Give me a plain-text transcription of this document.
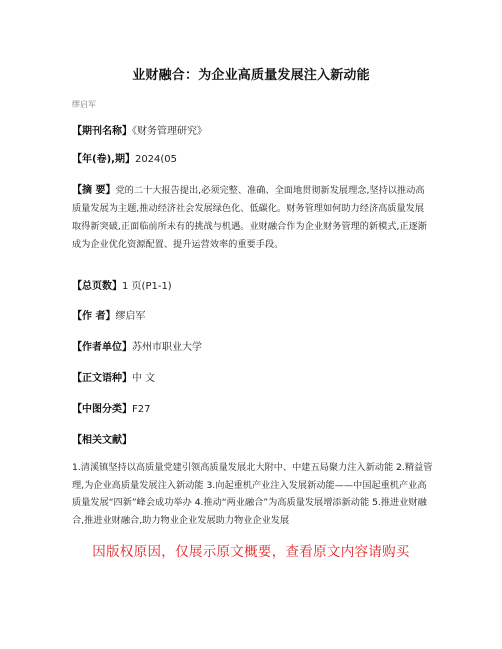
业财融合：为企业高质量发展注入新动能
缪启军
【期刊名称】《财务管理研究》
【年(卷),期】2024(05
【摘 要】党的二十大报告提出,必须完整、准确、全面地贯彻新发展理念,坚持以推动高质量发展为主题,推动经济社会发展绿色化、低碳化。财务管理如何助力经济高质量发展取得新突破,正面临前所未有的挑战与机遇。业财融合作为企业财务管理的新模式,正逐渐成为企业优化资源配置、提升运营效率的重要手段。
【总页数】1 页(P1-1)
【作 者】缪启军
【作者单位】苏州市职业大学
【正文语种】中 文
【中图分类】F27
【相关文献】
1.清溪镇坚持以高质量党建引领高质量发展北大附中、中建五局聚力注入新动能 2.精益管理,为企业高质量发展注入新动能 3.向起重机产业注入发展新动能——中国起重机产业高质量发展“四新”峰会成功举办 4.推动“两业融合”为高质量发展增添新动能 5.推进业财融合,推进业财融合,助力物业企业发展助力物业企业发展
因版权原因，仅展示原文概要，查看原文内容请购买
